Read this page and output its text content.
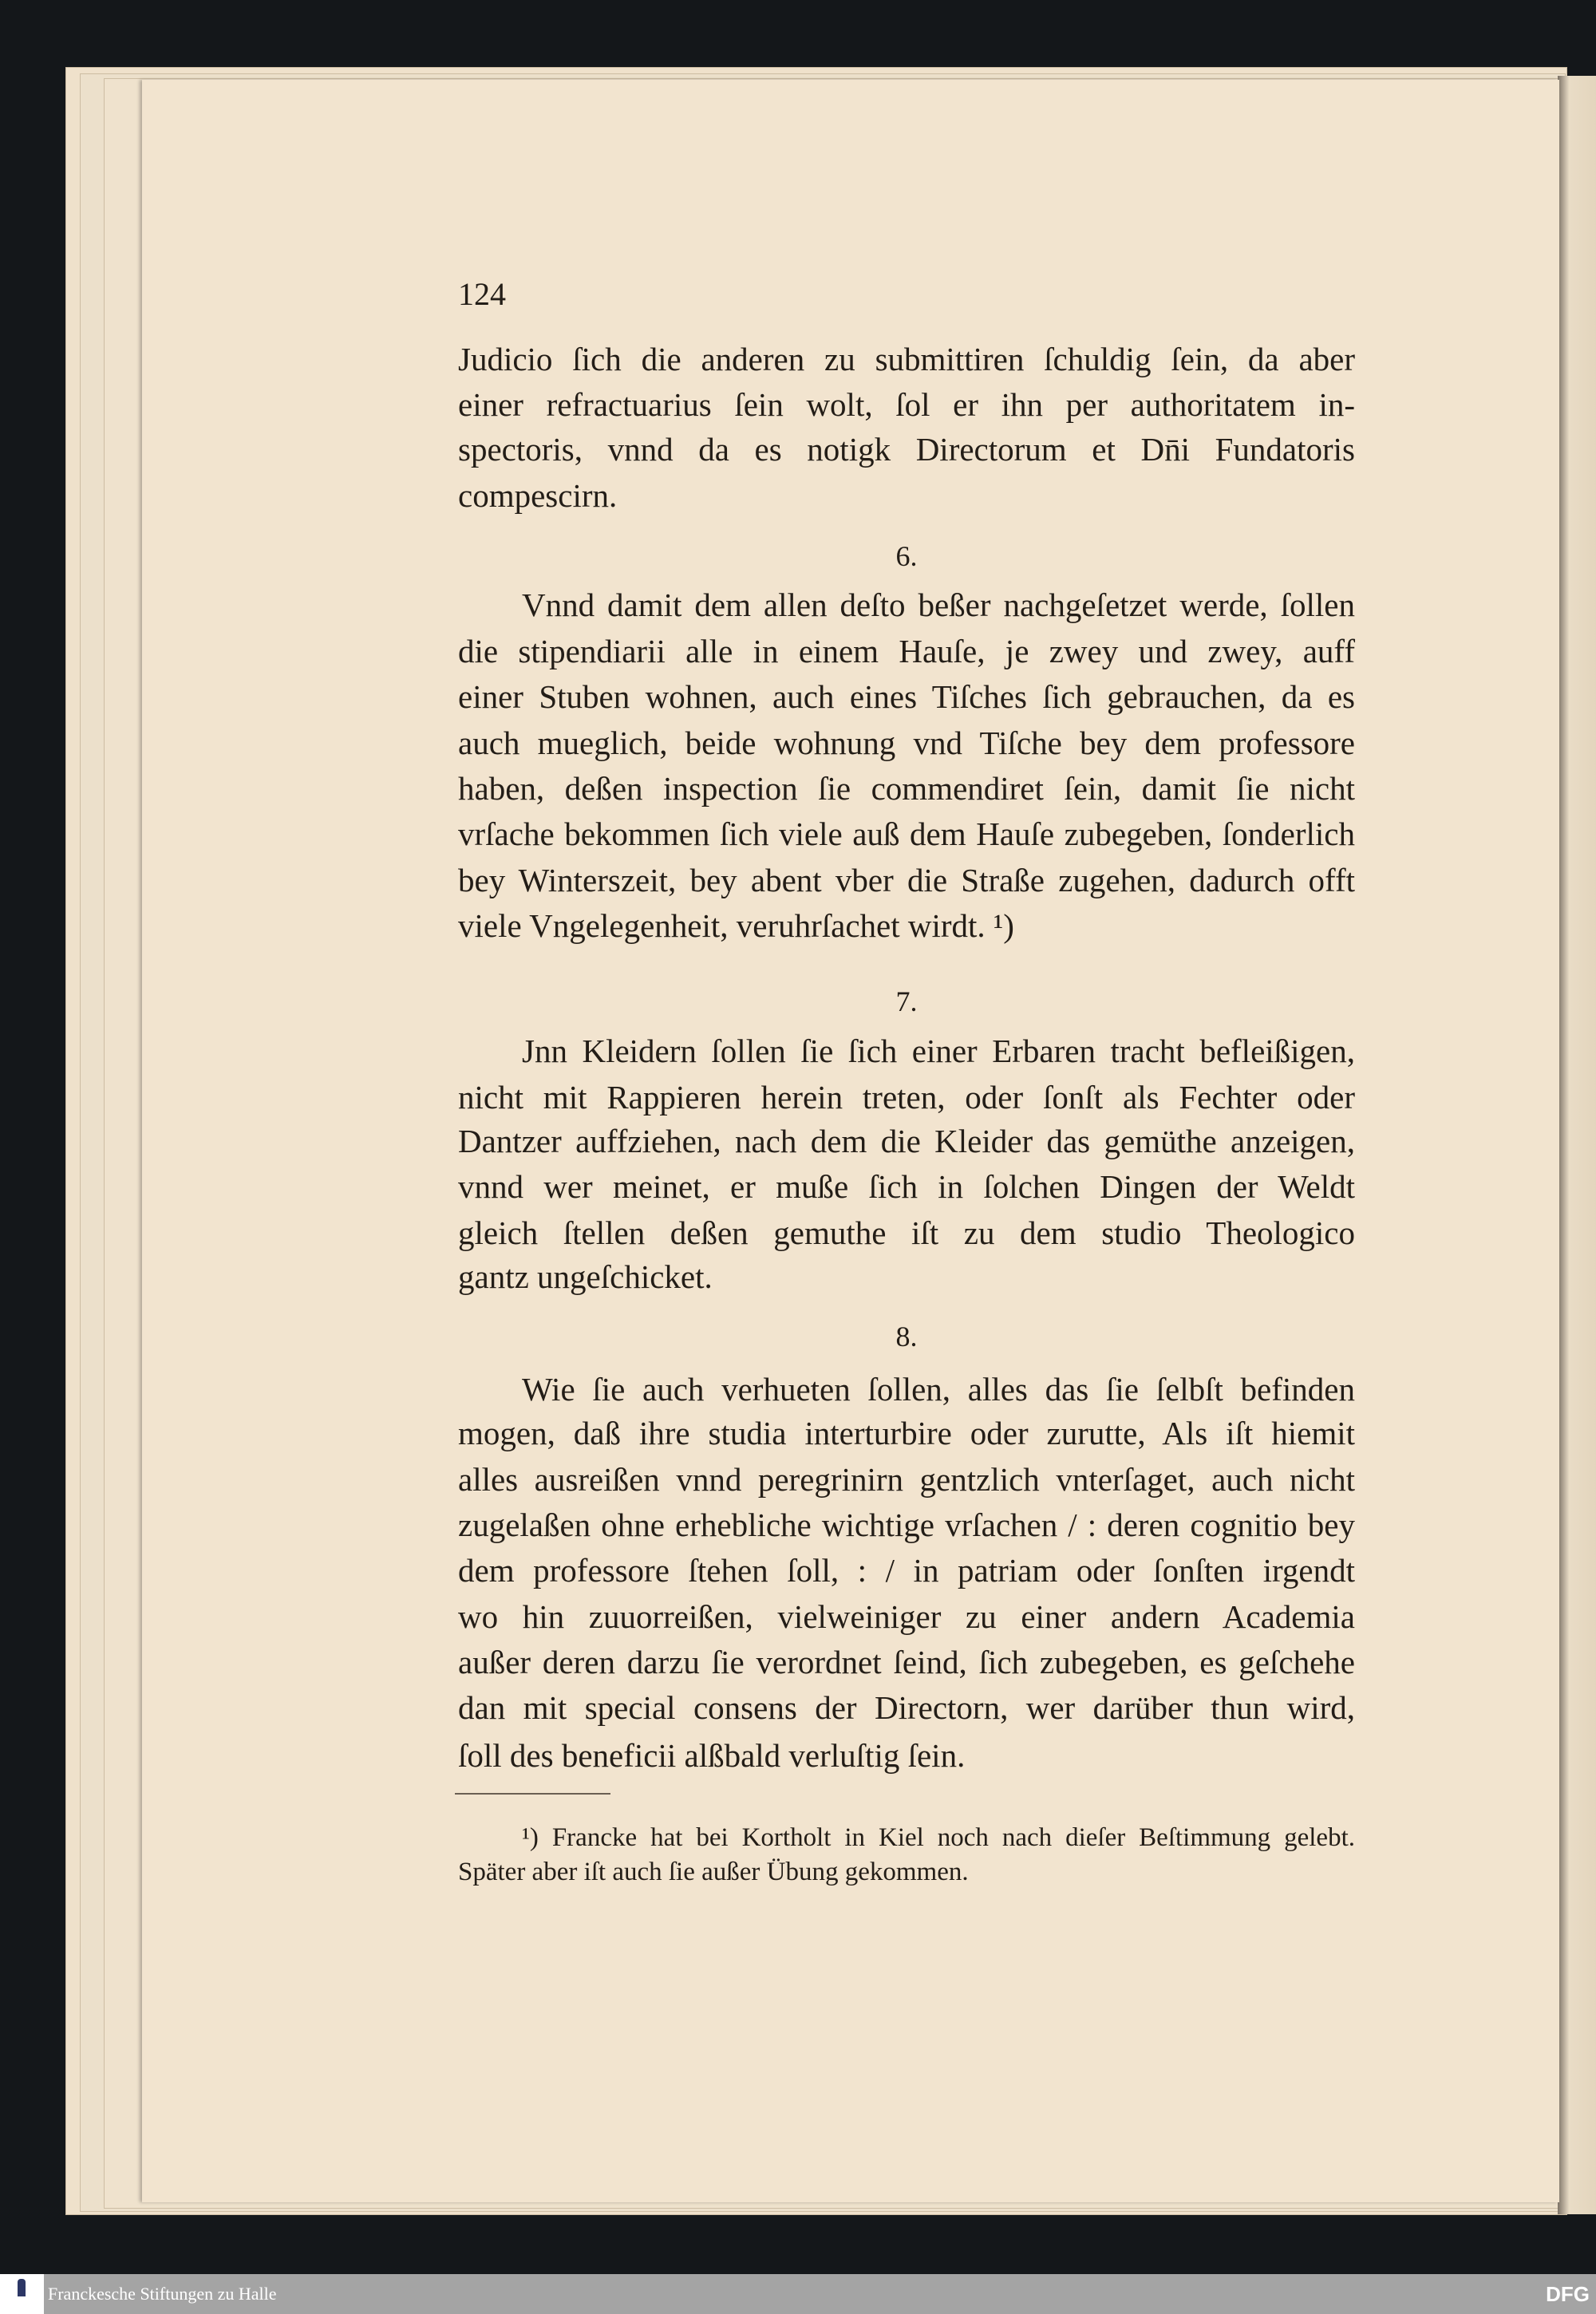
124
Judicio ſich die anderen zu submittiren ſchuldig ſein, da aber
einer refractuarius ſein wolt, ſol er ihn per authoritatem in-
spectoris, vnnd da es notigk Directorum et Dn̄i Fundatoris
compescirn.
6.
Vnnd damit dem allen deſto beßer nachgeſetzet werde, ſollen
die stipendiarii alle in einem Hauſe, je zwey und zwey, auff
einer Stuben wohnen, auch eines Tiſches ſich gebrauchen, da es
auch mueglich, beide wohnung vnd Tiſche bey dem professore
haben, deßen inspection ſie commendiret ſein, damit ſie nicht
vrſache bekommen ſich viele auß dem Hauſe zubegeben, ſonderlich
bey Winterszeit, bey abent vber die Straße zugehen, dadurch offt
viele Vngelegenheit, veruhrſachet wirdt. ¹)
7.
Jnn Kleidern ſollen ſie ſich einer Erbaren tracht befleißigen,
nicht mit Rappieren herein treten, oder ſonſt als Fechter oder
Dantzer auffziehen, nach dem die Kleider das gemüthe anzeigen,
vnnd wer meinet, er muße ſich in ſolchen Dingen der Weldt
gleich ſtellen deßen gemuthe iſt zu dem studio Theologico
gantz ungeſchicket.
8.
Wie ſie auch verhueten ſollen, alles das ſie ſelbſt befinden
mogen, daß ihre studia interturbire oder zurutte, Als iſt hiemit
alles ausreißen vnnd peregrinirn gentzlich vnterſaget, auch nicht
zugelaßen ohne erhebliche wichtige vrſachen / : deren cognitio bey
dem professore ſtehen ſoll, : / in patriam oder ſonſten irgendt
wo hin zuuorreißen, vielweiniger zu einer andern Academia
außer deren darzu ſie verordnet ſeind, ſich zubegeben, es geſchehe
dan mit special consens der Directorn, wer darüber thun wird,
ſoll des beneficii alßbald verluſtig ſein.
¹) Francke hat bei Kortholt in Kiel noch nach dieſer Beſtimmung gelebt.
Später aber iſt auch ſie außer Übung gekommen.
Franckesche Stiftungen zu Halle	DFG
